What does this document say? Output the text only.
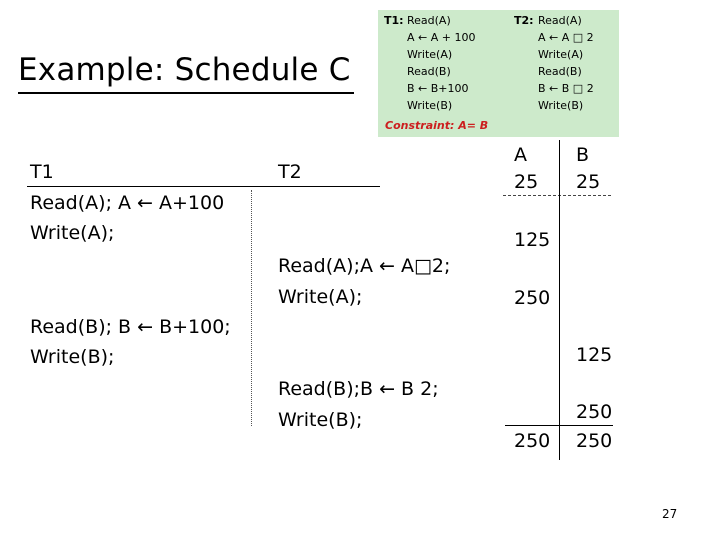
Example: Schedule C
T1: Read(A)
A ← A + 100
Write(A)
Read(B)
B ← B+100
Write(B)
T2: Read(A)
A ← A □ 2
Write(A)
Read(B)
B ← B □ 2
Write(B)
Constraint: A= B
T1	T2
Read(A); A ← A+100
Write(A);
Read(A);A ← A□2;
Write(A);
Read(B); B ← B+100;
Write(B);
Read(B);B ← B 2;
Write(B);
A	B
25 25
125
250
125
250
250 250
27
